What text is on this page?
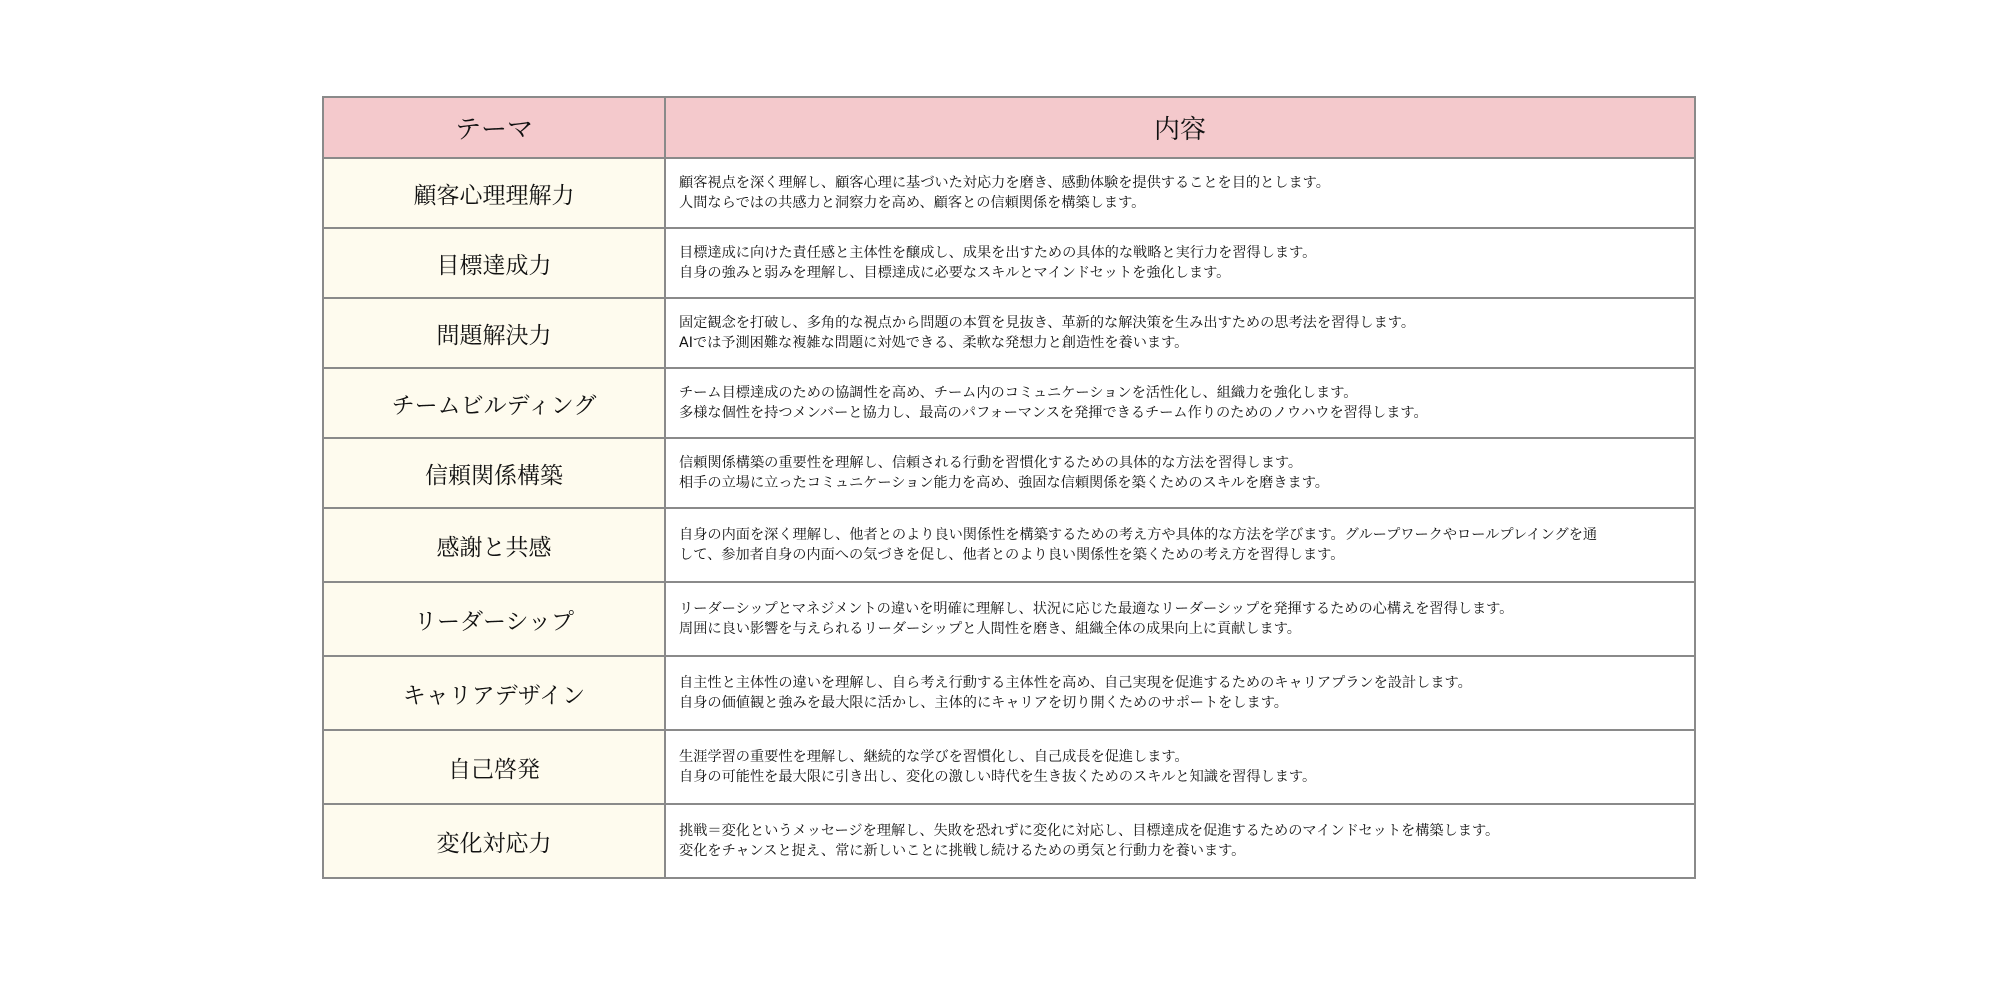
テーマ	内容
顧客心理理解力	顧客視点を深く理解し、顧客心理に基づいた対応力を磨き、感動体験を提供することを目的とします。
人間ならではの共感力と洞察力を高め、顧客との信頼関係を構築します。

目標達成力	目標達成に向けた責任感と主体性を醸成し、成果を出すための具体的な戦略と実行力を習得します。
自身の強みと弱みを理解し、目標達成に必要なスキルとマインドセットを強化します。

問題解決力	固定観念を打破し、多角的な視点から問題の本質を見抜き、革新的な解決策を生み出すための思考法を習得します。
AIでは予測困難な複雑な問題に対処できる、柔軟な発想力と創造性を養います。

チームビルディング	チーム目標達成のための協調性を高め、チーム内のコミュニケーションを活性化し、組織力を強化します。
多様な個性を持つメンバーと協力し、最高のパフォーマンスを発揮できるチーム作りのためのノウハウを習得します。

信頼関係構築	信頼関係構築の重要性を理解し、信頼される行動を習慣化するための具体的な方法を習得します。
相手の立場に立ったコミュニケーション能力を高め、強固な信頼関係を築くためのスキルを磨きます。

感謝と共感	自身の内面を深く理解し、他者とのより良い関係性を構築するための考え方や具体的な方法を学びます。グループワークやロールプレイングを通
して、参加者自身の内面への気づきを促し、他者とのより良い関係性を築くための考え方を習得します。

リーダーシップ	リーダーシップとマネジメントの違いを明確に理解し、状況に応じた最適なリーダーシップを発揮するための心構えを習得します。
周囲に良い影響を与えられるリーダーシップと人間性を磨き、組織全体の成果向上に貢献します。

キャリアデザイン	自主性と主体性の違いを理解し、自ら考え行動する主体性を高め、自己実現を促進するためのキャリアプランを設計します。
自身の価値観と強みを最大限に活かし、主体的にキャリアを切り開くためのサポートをします。

自己啓発	生涯学習の重要性を理解し、継続的な学びを習慣化し、自己成長を促進します。
自身の可能性を最大限に引き出し、変化の激しい時代を生き抜くためのスキルと知識を習得します。

変化対応力	挑戦＝変化というメッセージを理解し、失敗を恐れずに変化に対応し、目標達成を促進するためのマインドセットを構築します。
変化をチャンスと捉え、常に新しいことに挑戦し続けるための勇気と行動力を養います。
